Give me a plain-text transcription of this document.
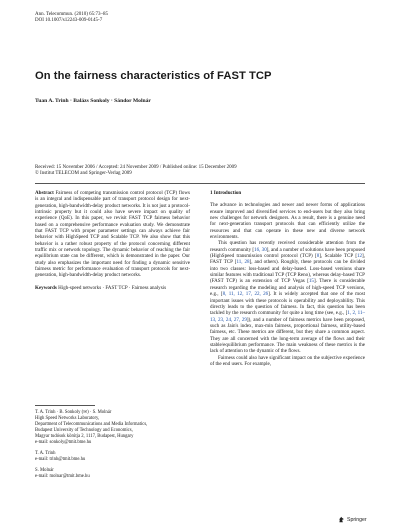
Ann. Telecommun. (2010) 65:73–85
DOI 10.1007/s12243-009-0145-7
On the fairness characteristics of FAST TCP
Tuan A. Trinh · Balázs Sonkoly · Sándor Molnár
Received: 15 November 2006 / Accepted: 24 November 2009 / Published online: 15 December 2009
© Institut TELECOM and Springer-Verlag 2009

Abstract Fairness of competing transmission control protocol (TCP) flows is an integral and indispensable part of transport protocol design for next-generation, high-bandwidth-delay product networks. It is not just a protocol-intrinsic property but it could also have severe impact on quality of experience (QoE). In this paper, we revisit FAST TCP fairness behavior based on a comprehensive performance evaluation study. We demonstrate that FAST TCP with proper parameter settings can always achieve fair behavior with HighSpeed TCP and Scalable TCP. We also show that this behavior is a rather robust property of the protocol concerning different traffic mix or network topology. The dynamic behavior of reaching the fair equilibrium state can be different, which is demonstrated in the paper. Our study also emphasizes the important need for finding a dynamic sensitive fairness metric for performance evaluation of transport protocols for next-generation, high-bandwidth-delay product networks.

Keywords High-speed networks · FAST TCP · Fairness analysis

T. A. Trinh · B. Sonkoly (✉) · S. Molnár

High Speed Networks Laboratory,

Department of Telecommunications and Media Informatics,

Budapest University of Technology and Economics,

Magyar tudósok körútja 2, 1117, Budapest, Hungary

e-mail: sonkoly@tmit.bme.hu

T. A. Trinh

e-mail: trinh@tmit.bme.hu

S. Molnár

e-mail: molnar@tmit.bme.hu

1 Introduction

The advance in technologies and newer and newer forms of applications ensure improved and diversified services to end-users but they also bring new challenges for network designers. As a result, there is a genuine need for next-generation transport protocols that can efficiently utilize the resources and that can operate in these new and diverse network environments.

This question has recently received considerable attention from the research community [16, 30], and a number of solutions have been proposed (HighSpeed transmission control protocol (TCP) [8], Scalable TCP [12], FAST TCP [11, 28], and others). Roughly, these protocols can be divided into two classes: loss-based and delay-based. Loss-based versions share similar features with traditional TCP (TCP Reno), whereas delay-based TCP (FAST TCP) is an extension of TCP Vegas [15]. There is considerable research regarding the modeling and analysis of high-speed TCP versions, e.g., [8, 11, 12, 17, 22, 26]. It is widely accepted that one of the most important issues with these protocols is operability and deployability. This directly leads to the question of fairness. In fact, this question has been tackled by the research community for quite a long time (see, e.g., [1, 2, 11–13, 23, 24, 27, 29]), and a number of fairness metrics have been proposed, such as Jain's index, max-min fairness, proportional fairness, utility-based fairness, etc. These metrics are different, but they share a common aspect. They are all concerned with the long-term average of the flows and their stable/equilibrium performance. The main weakness of these metrics is the lack of attention to the dynamic of the flows.

Fairness could also have significant impact on the subjective experience of the end users. For example,

Springer
